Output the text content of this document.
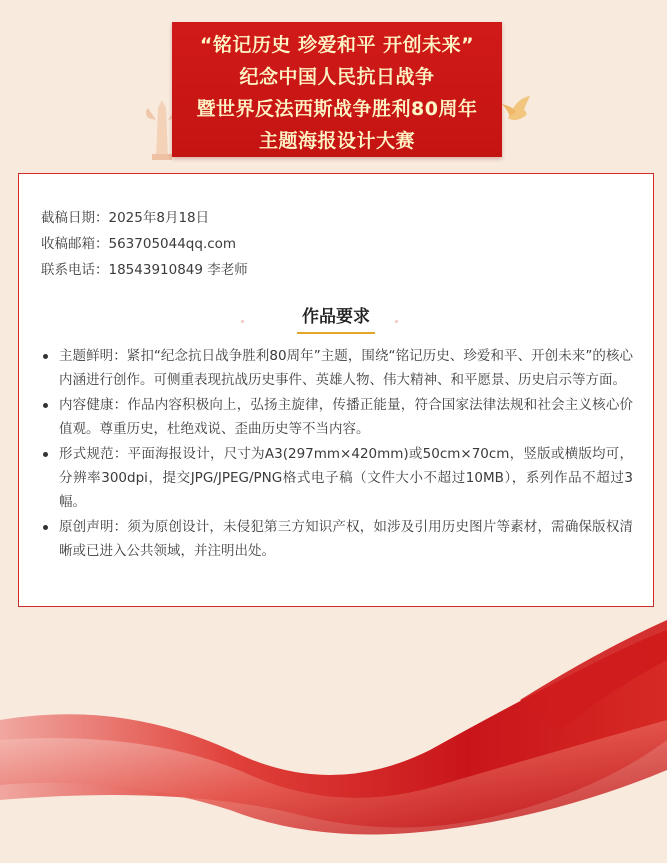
“铭记历史 珍爱和平 开创未来”
纪念中国人民抗日战争
暨世界反法西斯战争胜利80周年
主题海报设计大赛
截稿日期：2025年8月18日
收稿邮箱：563705044qq.com
联系电话：18543910849 李老师
作品要求
主题鲜明：紧扣“纪念抗日战争胜利80周年”主题，围绕“铭记历史、珍爱和平、开创未来”的核心内涵进行创作。可侧重表现抗战历史事件、英雄人物、伟大精神、和平愿景、历史启示等方面。
内容健康：作品内容积极向上，弘扬主旋律，传播正能量，符合国家法律法规和社会主义核心价值观。尊重历史，杜绝戏说、歪曲历史等不当内容。
形式规范：平面海报设计，尺寸为A3(297mm×420mm)或50cm×70cm，竖版或横版均可，分辨率300dpi，提交JPG/JPEG/PNG格式电子稿（文件大小不超过10MB），系列作品不超过3幅。
原创声明：须为原创设计，未侵犯第三方知识产权，如涉及引用历史图片等素材，需确保版权清晰或已进入公共领域，并注明出处。
